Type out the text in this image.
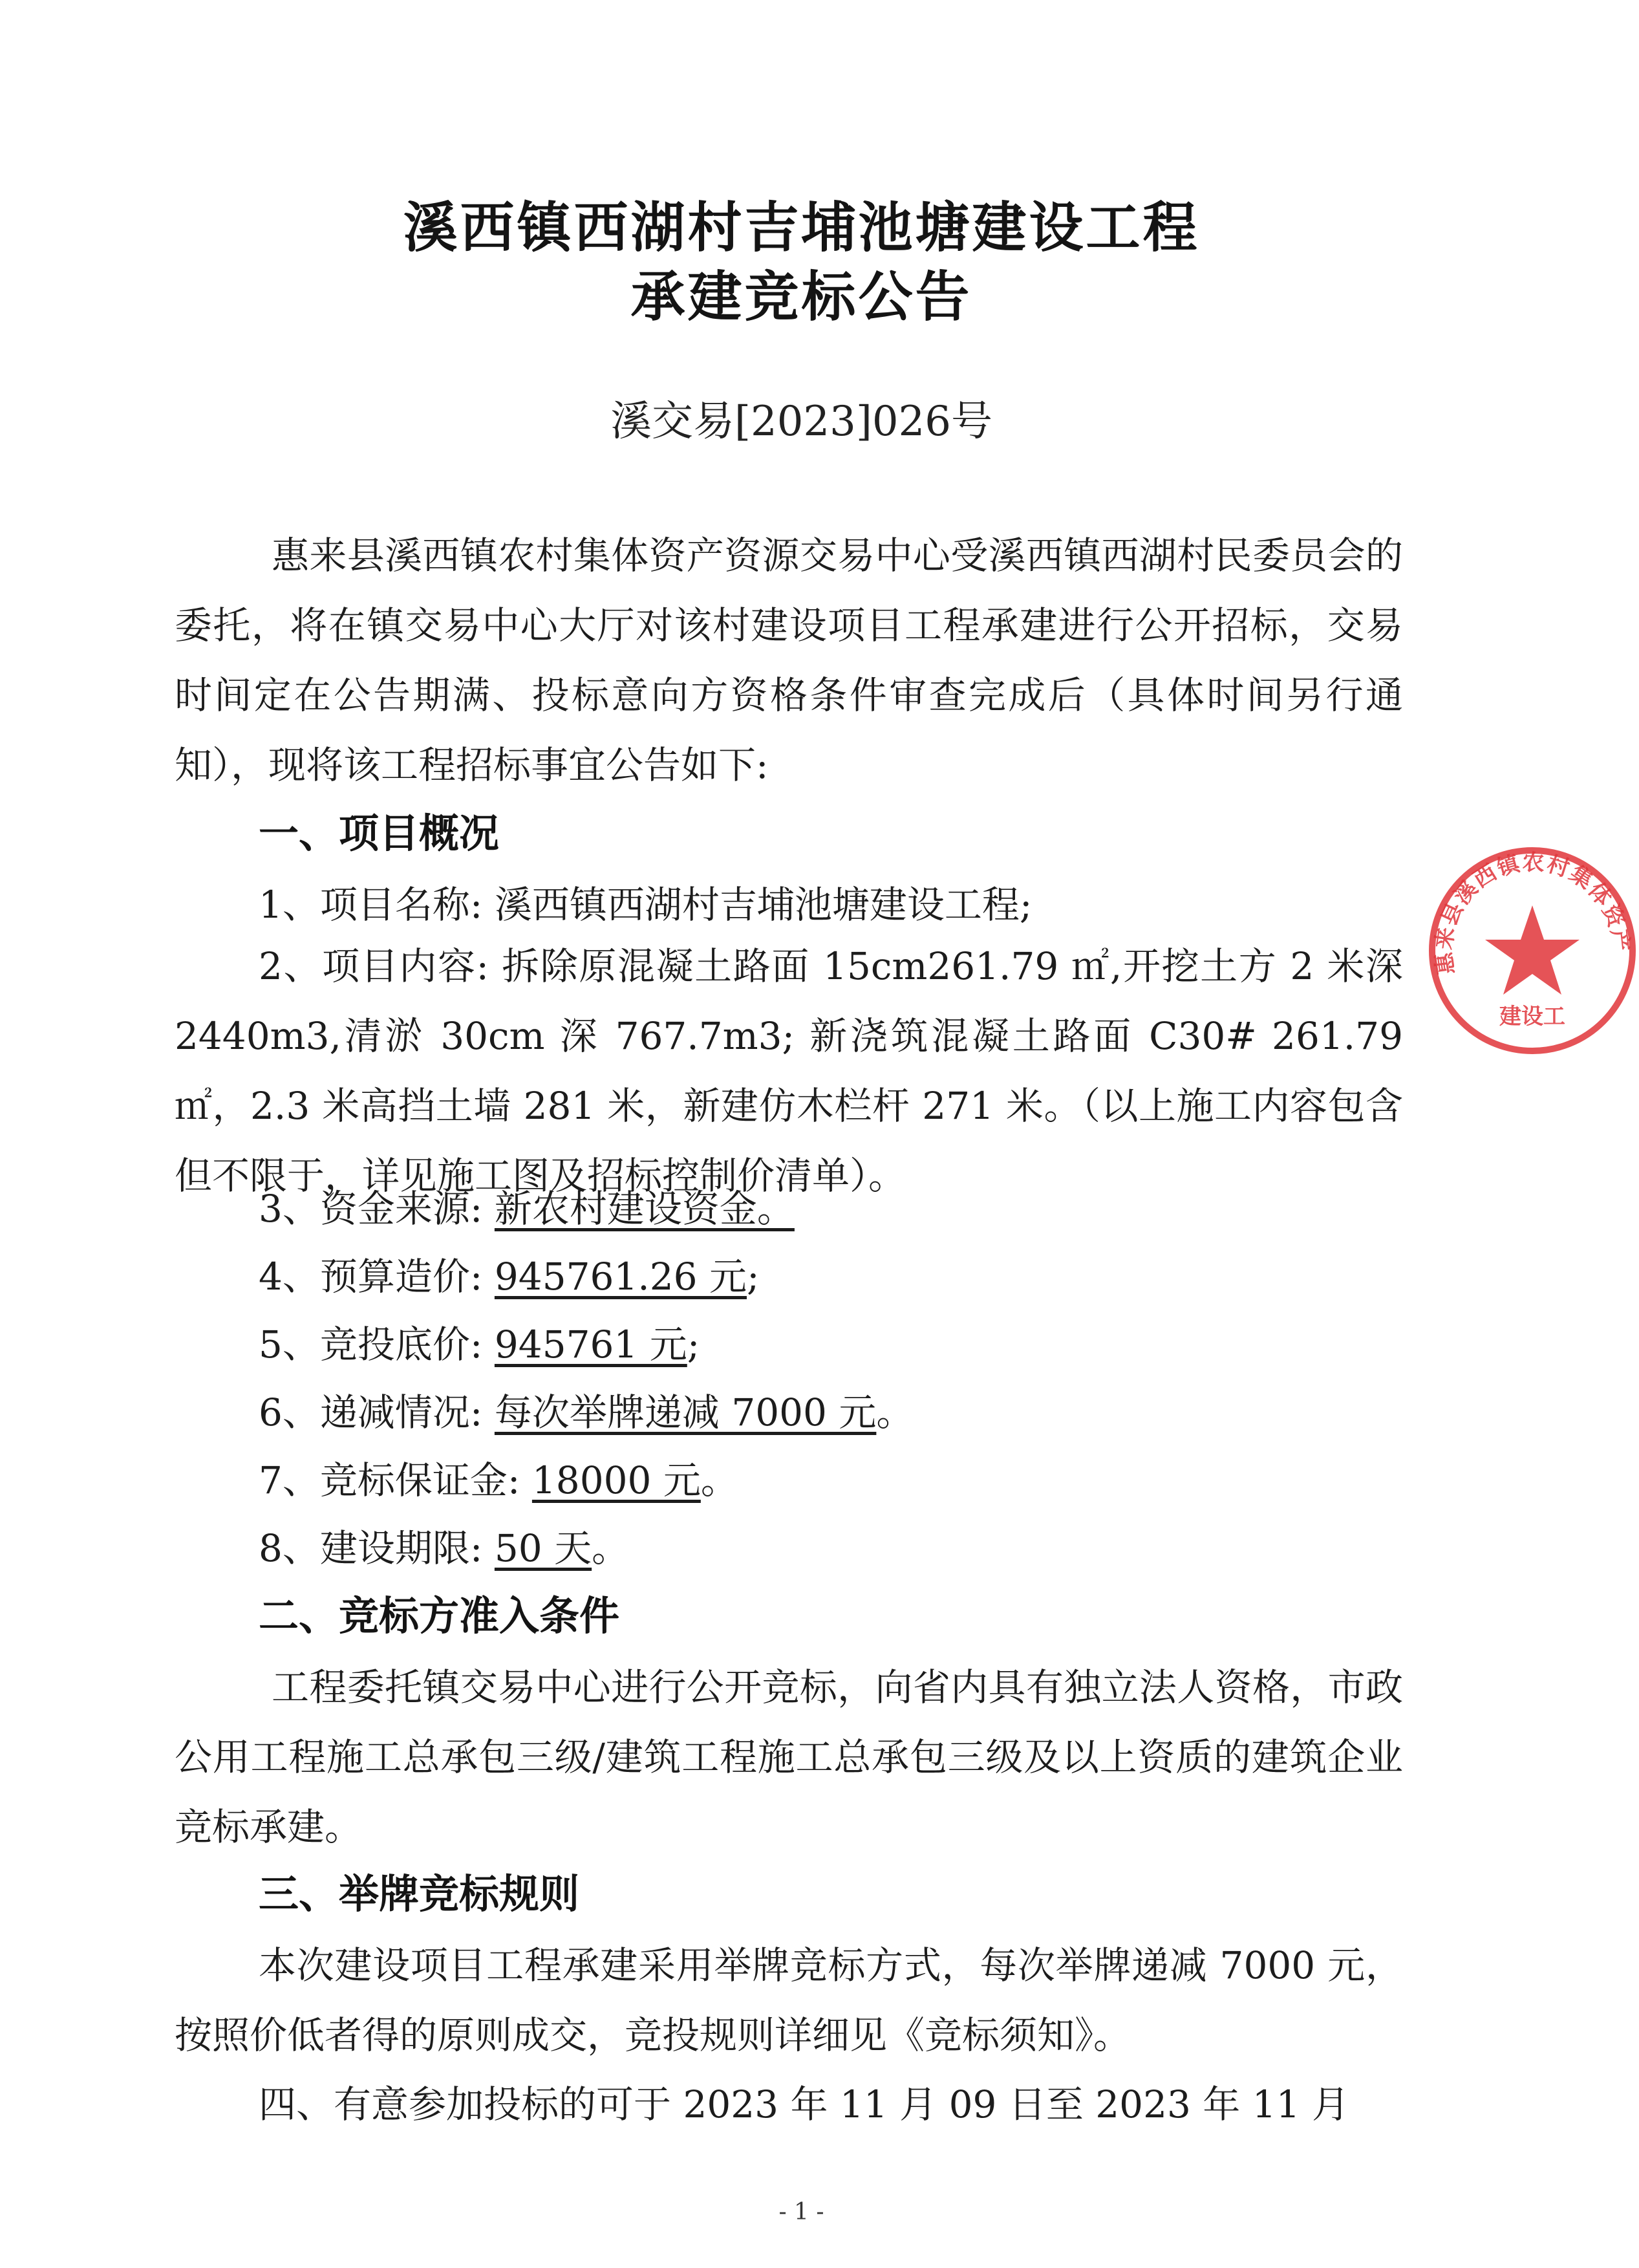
溪西镇西湖村吉埔池塘建设工程
承建竞标公告
溪交易[2023]026号
惠来县溪西镇农村集体资产资源交易中心受溪西镇西湖村民委员会的委托，将在镇交易中心大厅对该村建设项目工程承建进行公开招标，交易时间定在公告期满、投标意向方资格条件审查完成后（具体时间另行通知），现将该工程招标事宜公告如下:
一、项目概况
1、项目名称: 溪西镇西湖村吉埔池塘建设工程;
2、项目内容: 拆除原混凝土路面 15cm261.79 ㎡,开挖土方 2 米深 2440m3,清淤 30cm 深 767.7m3; 新浇筑混凝土路面 C30# 261.79 ㎡，2.3 米高挡土墙 281 米，新建仿木栏杆 271 米。（以上施工内容包含但不限于，详见施工图及招标控制价清单）。
3、资金来源: 新农村建设资金。
4、预算造价: 945761.26 元;
5、竞投底价: 945761 元;
6、递减情况: 每次举牌递减 7000 元。
7、竞标保证金: 18000 元。
8、建设期限: 50 天。
二、竞标方准入条件
工程委托镇交易中心进行公开竞标，向省内具有独立法人资格，市政公用工程施工总承包三级/建筑工程施工总承包三级及以上资质的建筑企业竞标承建。
三、举牌竞标规则
本次建设项目工程承建采用举牌竞标方式，每次举牌递减 7000 元，按照价低者得的原则成交，竞投规则详细见《竞标须知》。
四、有意参加投标的可于 2023 年 11 月 09 日至 2023 年 11 月
惠来县溪西镇农村集体资产
建设工
- 1 -
